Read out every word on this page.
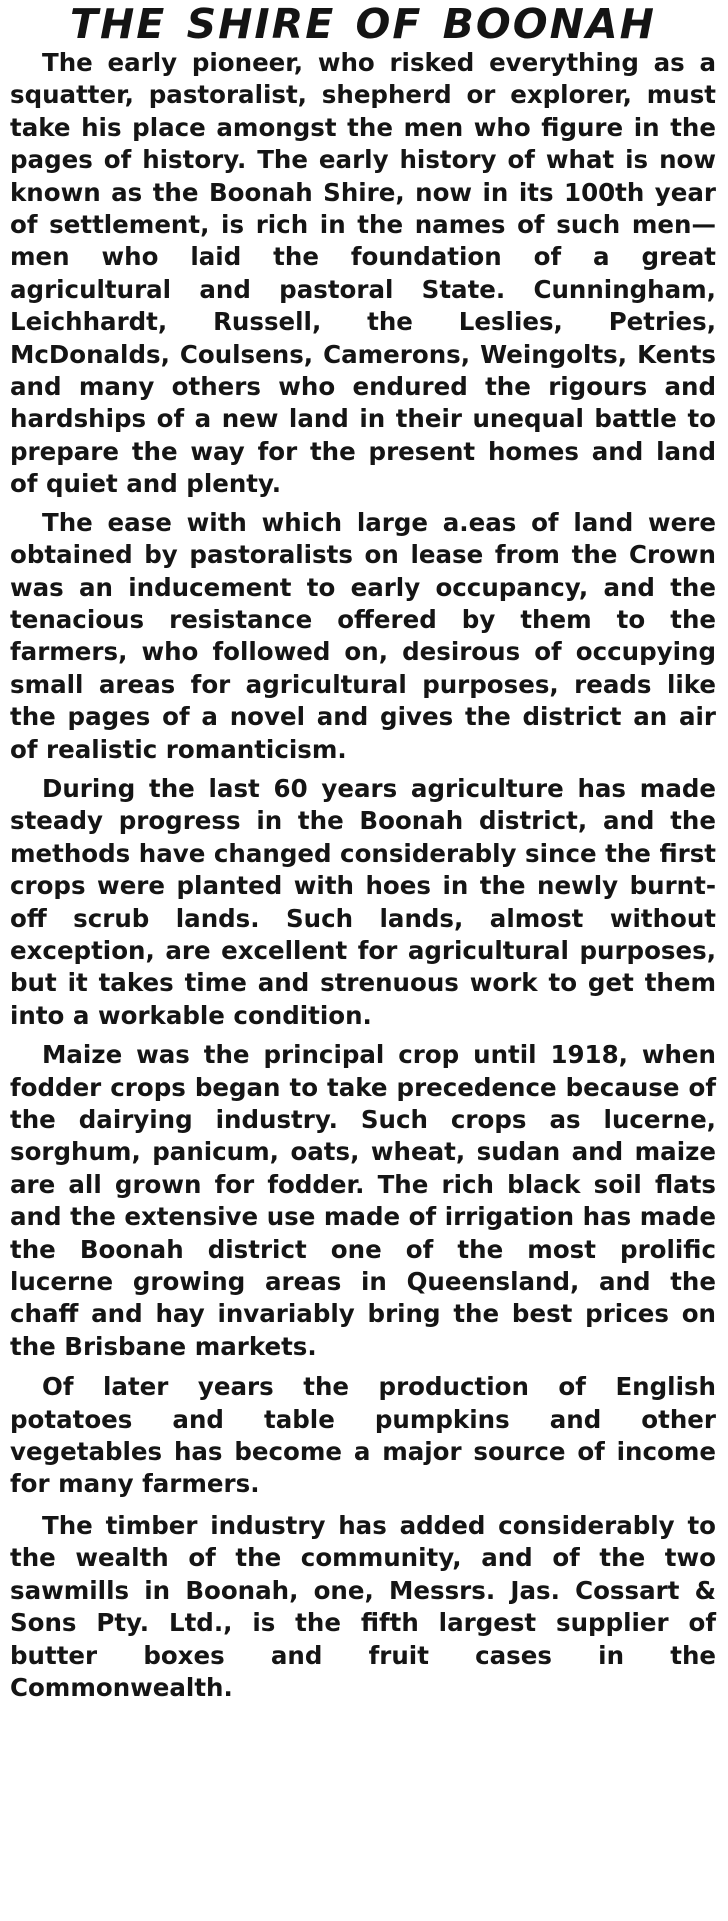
THE SHIRE OF BOONAH

The early pioneer, who risked everything as a squatter, pastoralist, shepherd or explorer, must take his place amongst the men who figure in the pages of history. The early history of what is now known as the Boonah Shire, now in its 100th year of settlement, is rich in the names of such men—men who laid the foundation of a great agricultural and pastoral State. Cunningham, Leichhardt, Russell, the Leslies, Petries, McDonalds, Coulsens, Camerons, Weingolts, Kents and many others who endured the rigours and hardships of a new land in their unequal battle to prepare the way for the present homes and land of quiet and plenty.

The ease with which large a.eas of land were obtained by pastoralists on lease from the Crown was an inducement to early occupancy, and the tenacious resistance offered by them to the farmers, who followed on, desirous of occupying small areas for agricultural purposes, reads like the pages of a novel and gives the district an air of realistic romanticism.

During the last 60 years agriculture has made steady progress in the Boonah district, and the methods have changed considerably since the first crops were planted with hoes in the newly burnt-off scrub lands. Such lands, almost without exception, are excellent for agricultural purposes, but it takes time and strenuous work to get them into a workable condition.

Maize was the principal crop until 1918, when fodder crops began to take precedence because of the dairying industry. Such crops as lucerne, sorghum, panicum, oats, wheat, sudan and maize are all grown for fodder. The rich black soil flats and the extensive use made of irrigation has made the Boonah district one of the most prolific lucerne growing areas in Queensland, and the chaff and hay invariably bring the best prices on the Brisbane markets.

Of later years the production of English potatoes and table pumpkins and other vegetables has become a major source of income for many farmers.

The timber industry has added considerably to the wealth of the community, and of the two sawmills in Boonah, one, Messrs. Jas. Cossart & Sons Pty. Ltd., is the fifth largest supplier of butter boxes and fruit cases in the Commonwealth.
